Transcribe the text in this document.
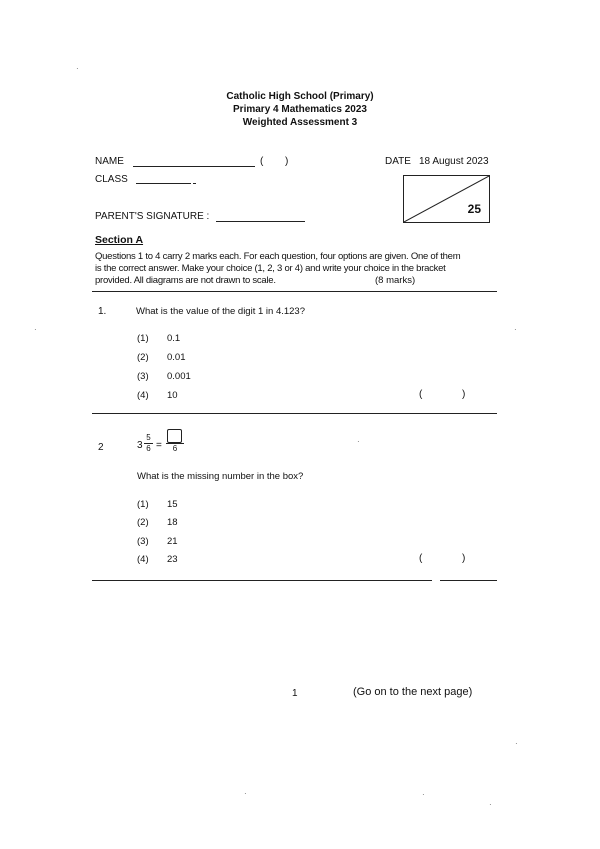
Catholic High School (Primary)
Primary 4 Mathematics 2023
Weighted Assessment 3
NAME	( )	DATE 18 August 2023
CLASS
25
PARENT'S SIGNATURE :
Section A
Questions 1 to 4 carry 2 marks each. For each question, four options are given. One of them
is the correct answer. Make your choice (1, 2, 3 or 4) and write your choice in the bracket
provided. All diagrams are not drawn to scale.	(8 marks)
1.	What is the value of the digit 1 in 4.123?
(1) 0.1
(2) 0.01
(3) 0.001
(4) 10	(	)
2	3
5
6 =	6
What is the missing number in the box?
(1) 15
(2) 18
(3) 21
(4) 23	(	)
1	(Go on to the next page)
·
·	·
·
·
·	·
·
